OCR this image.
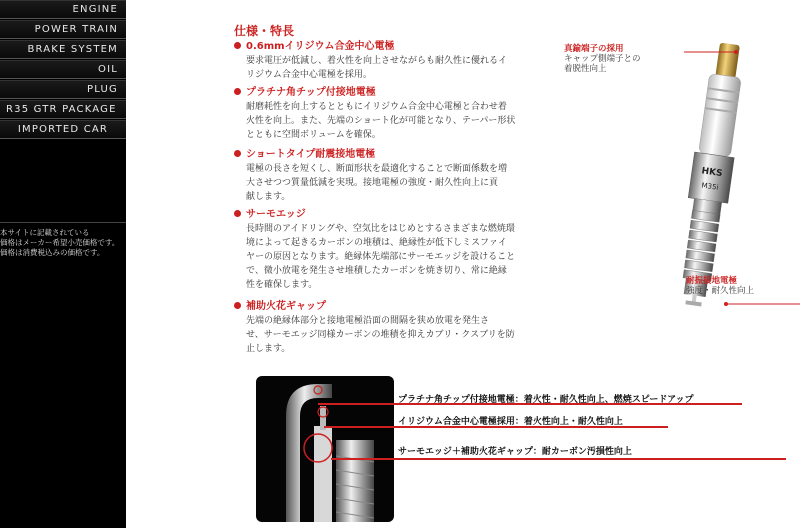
ENGINE
POWER TRAIN
BRAKE SYSTEM
OIL
PLUG
R35 GTR PACKAGE
IMPORTED CAR
本サイトに記載されている
価格はメーカー希望小売価格です。
価格は消費税込みの価格です。
仕様・特長
0.6mmイリジウム合金中心電極
要求電圧が低減し、着火性を向上させながらも耐久性に優れるイ
リジウム合金中心電極を採用。
プラチナ角チップ付接地電極
耐磨耗性を向上するとともにイリジウム合金中心電極と合わせ着
火性を向上。また、先端のショート化が可能となり、テーパー形状
とともに空間ボリュームを確保。
ショートタイプ耐震接地電極
電極の長さを短くし、断面形状を最適化することで断面係数を増
大させつつ質量低減を実現。接地電極の強度・耐久性向上に貢
献します。
サーモエッジ
長時間のアイドリングや、空気比をはじめとするさまざまな燃焼環
境によって起きるカーボンの堆積は、絶縁性が低下しミスファイ
ヤーの原因となります。絶縁体先端部にサーモエッジを設けること
で、微小放電を発生させ堆積したカーボンを焼き切り、常に絶縁
性を確保します。
補助火花ギャップ
先端の絶縁体部分と接地電極沿面の間隔を狭め放電を発生さ
せ、サーモエッジ同様カーボンの堆積を抑えカブリ・クスブリを防
止します。
HKS
M35i
真鍮端子の採用
キャップ側端子との
着脱性向上
耐振接地電極
強度・耐久性向上
プラチナ角チップ付接地電極：着火性・耐久性向上、燃焼スピードアップ
イリジウム合金中心電極採用：着火性向上・耐久性向上
サーモエッジ＋補助火花ギャップ：耐カーボン汚損性向上
